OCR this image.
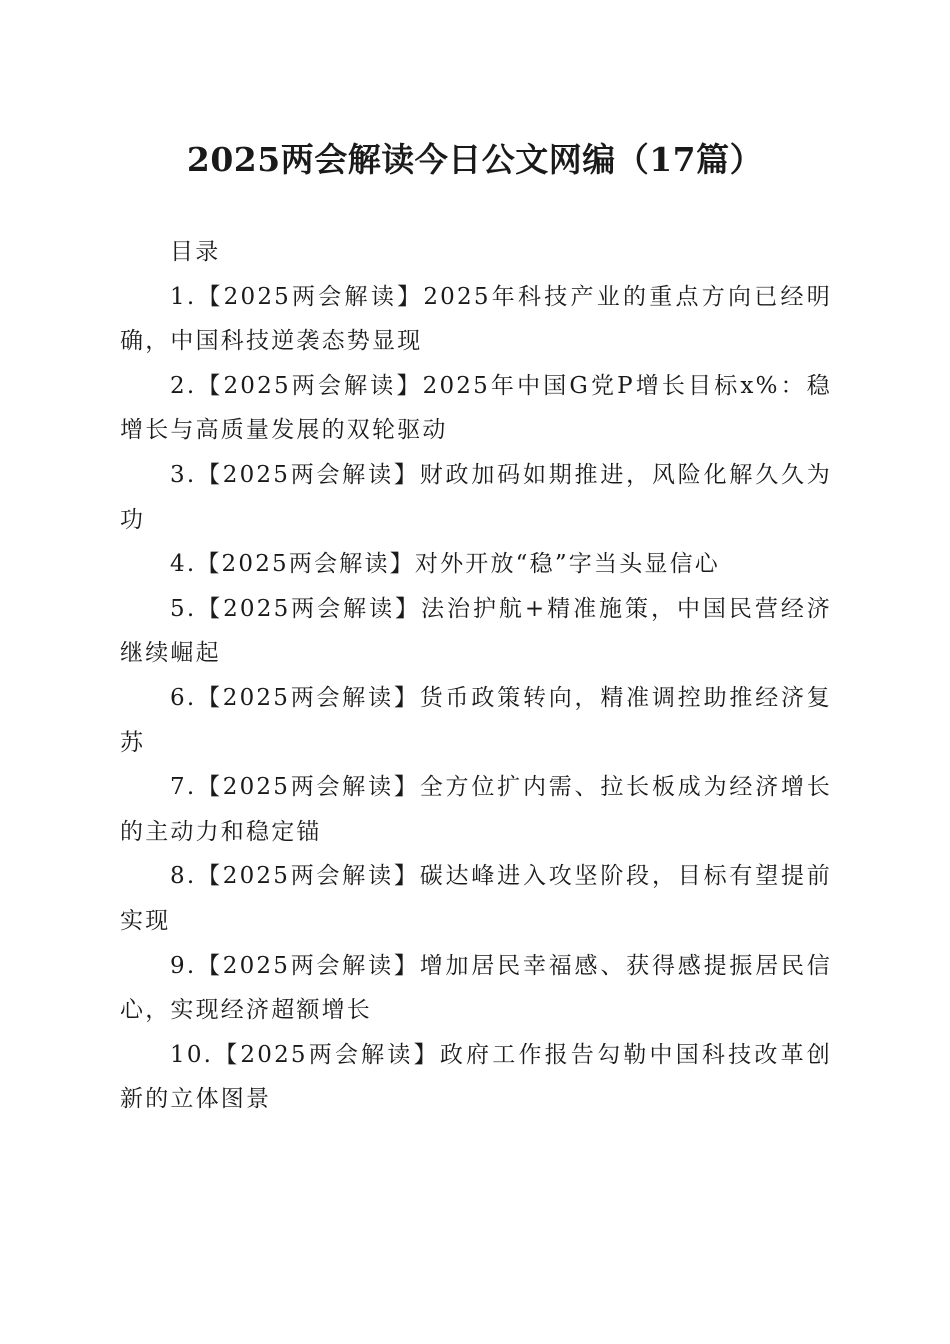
2025两会解读今日公文网编（17篇）

目录

1.【2025两会解读】2025年科技产业的重点方向已经明确，中国科技逆袭态势显现
2.【2025两会解读】2025年中国G党P增长目标x%：稳增长与高质量发展的双轮驱动
3.【2025两会解读】财政加码如期推进，风险化解久久为功
4.【2025两会解读】对外开放“稳”字当头显信心
5.【2025两会解读】法治护航+精准施策，中国民营经济继续崛起
6.【2025两会解读】货币政策转向，精准调控助推经济复苏
7.【2025两会解读】全方位扩内需、拉长板成为经济增长的主动力和稳定锚
8.【2025两会解读】碳达峰进入攻坚阶段，目标有望提前实现
9.【2025两会解读】增加居民幸福感、获得感提振居民信心，实现经济超额增长
10.【2025两会解读】政府工作报告勾勒中国科技改革创新的立体图景
